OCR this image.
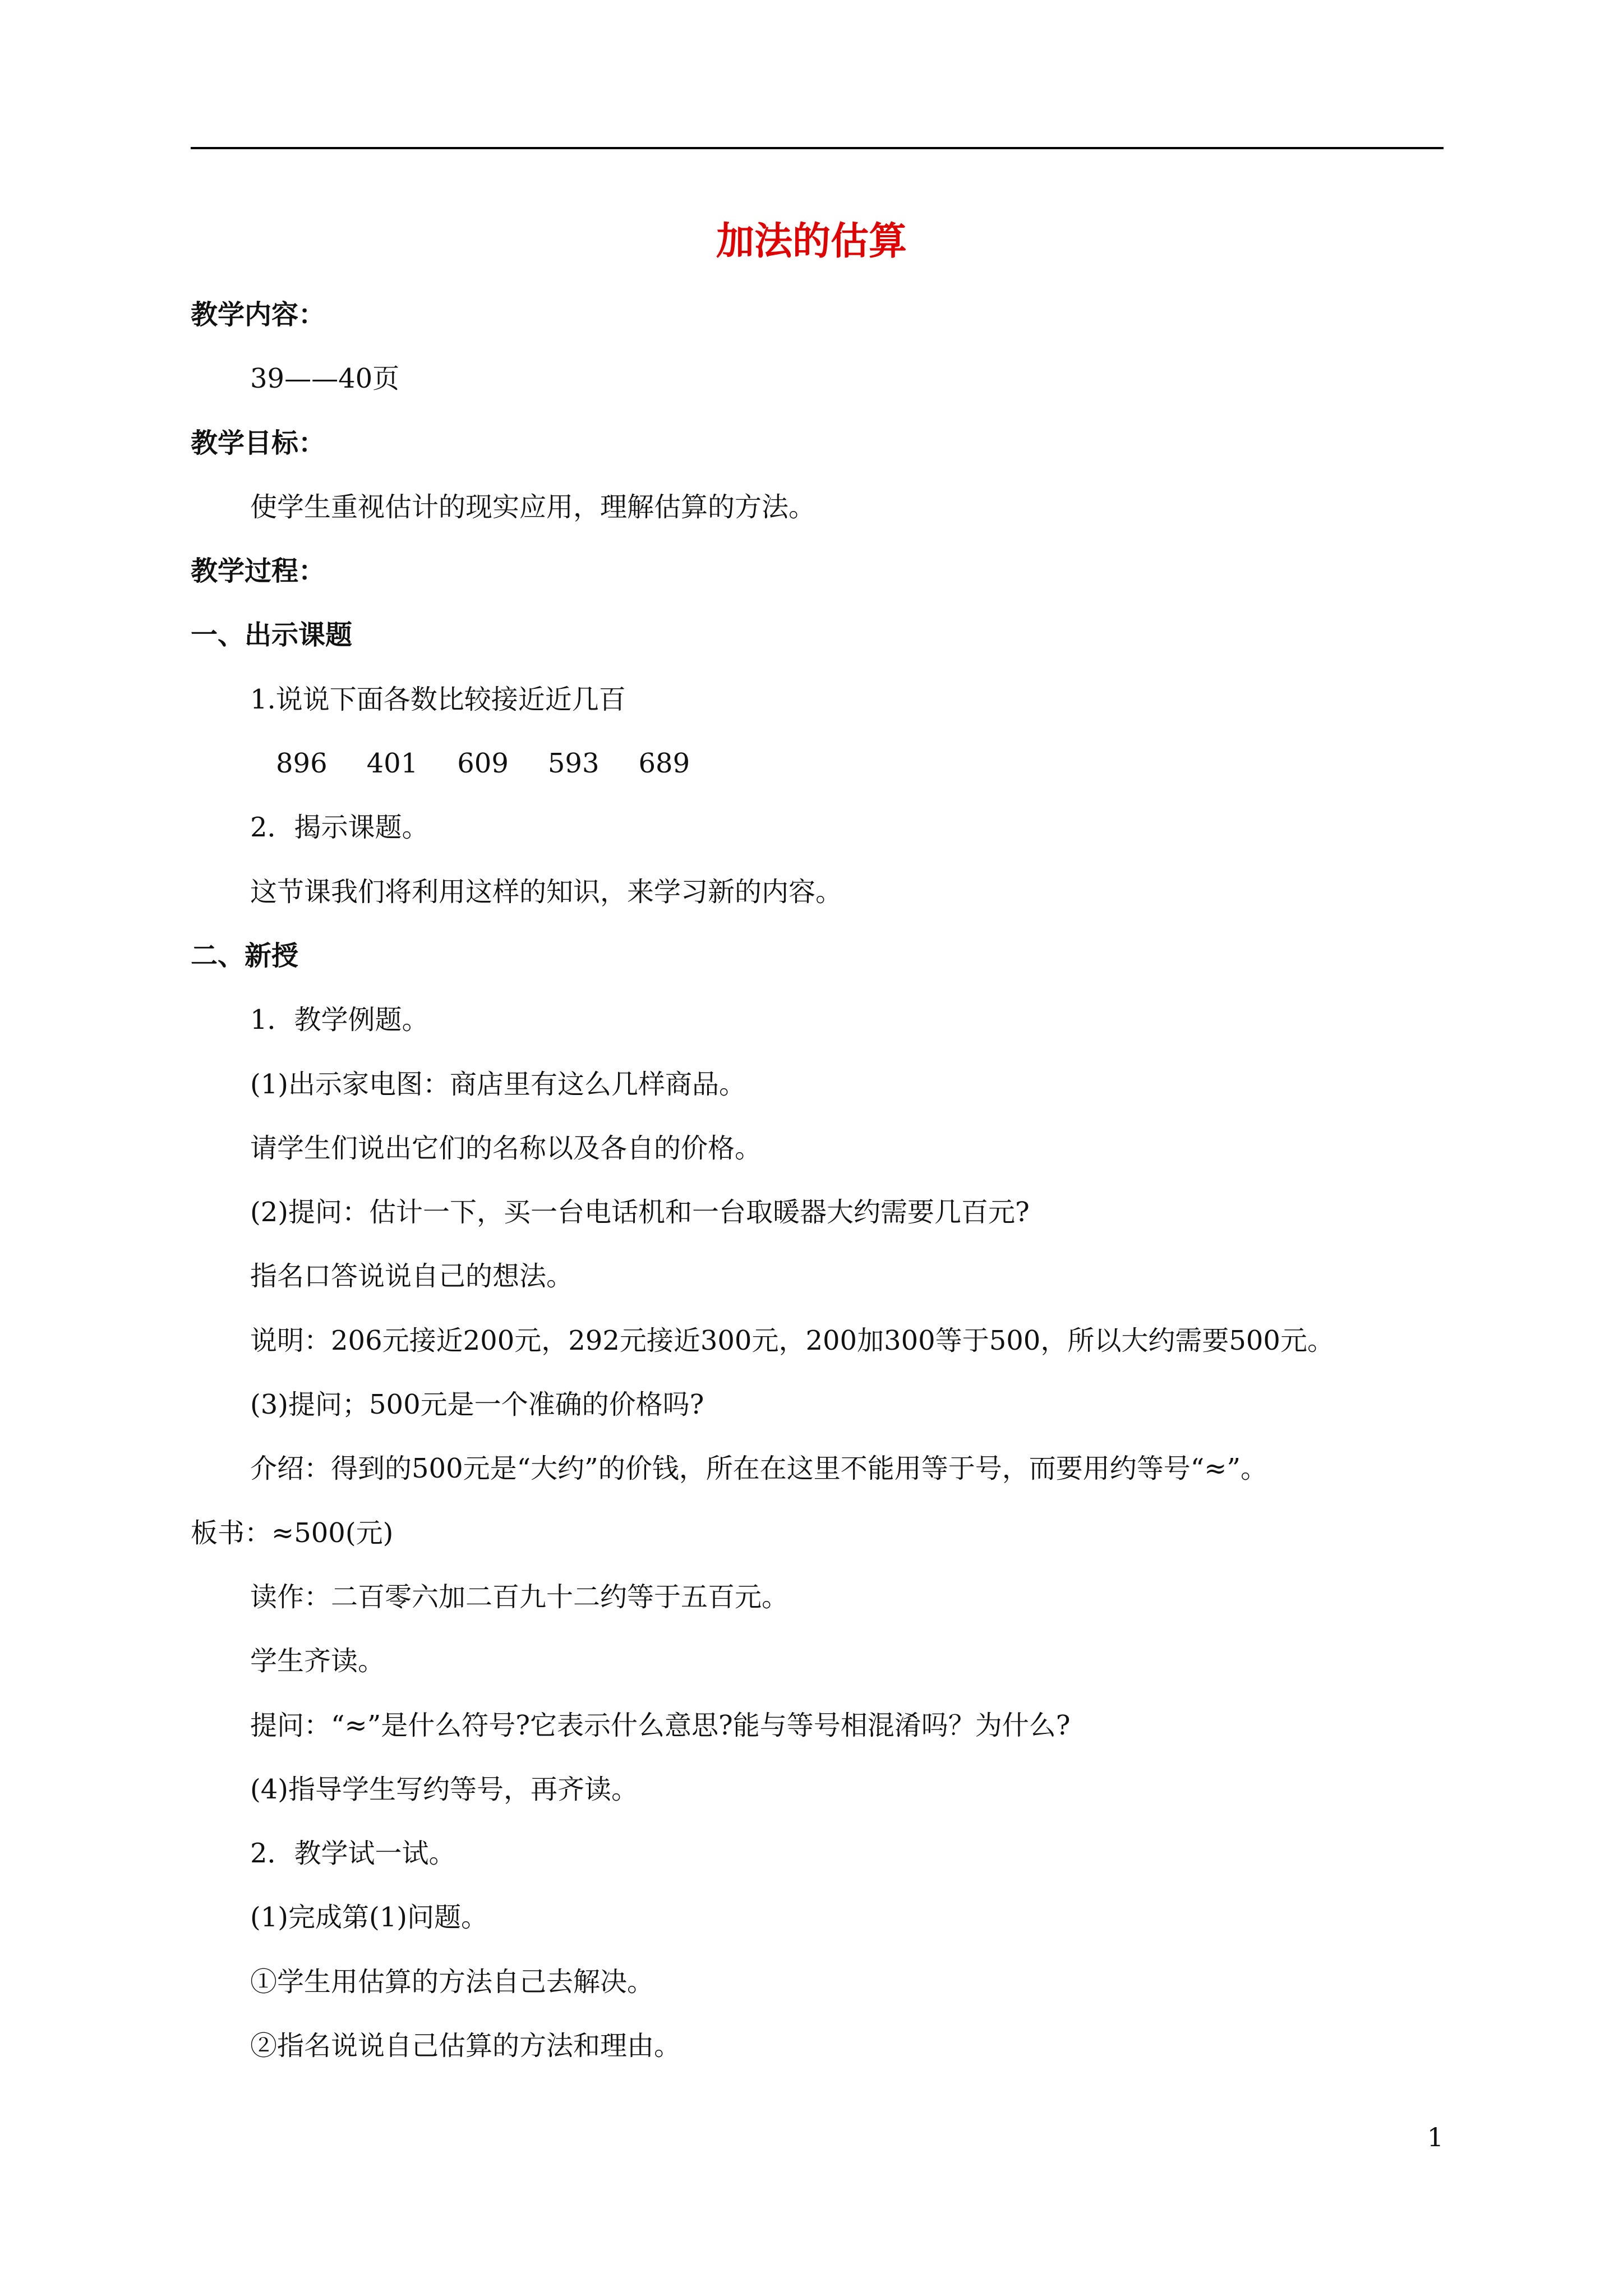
加法的估算
教学内容：
39——40页
教学目标：
使学生重视估计的现实应用，理解估算的方法。
教学过程：
一、出示课题
1.说说下面各数比较接近近几百
896 401 609 593 689
2．揭示课题。
这节课我们将利用这样的知识，来学习新的内容。
二、新授
1．教学例题。
(1)出示家电图：商店里有这么几样商品。
请学生们说出它们的名称以及各自的价格。
(2)提问：估计一下，买一台电话机和一台取暖器大约需要几百元?
指名口答说说自己的想法。
说明：206元接近200元，292元接近300元，200加300等于500，所以大约需要500元。
(3)提问；500元是一个准确的价格吗?
介绍：得到的500元是“大约”的价钱，所在在这里不能用等于号，而要用约等号“≈”。
板书：≈500(元)
读作：二百零六加二百九十二约等于五百元。
学生齐读。
提问：“≈”是什么符号?它表示什么意思?能与等号相混淆吗？为什么?
(4)指导学生写约等号，再齐读。
2．教学试一试。
(1)完成第(1)问题。
①学生用估算的方法自己去解决。
②指名说说自己估算的方法和理由。
1
